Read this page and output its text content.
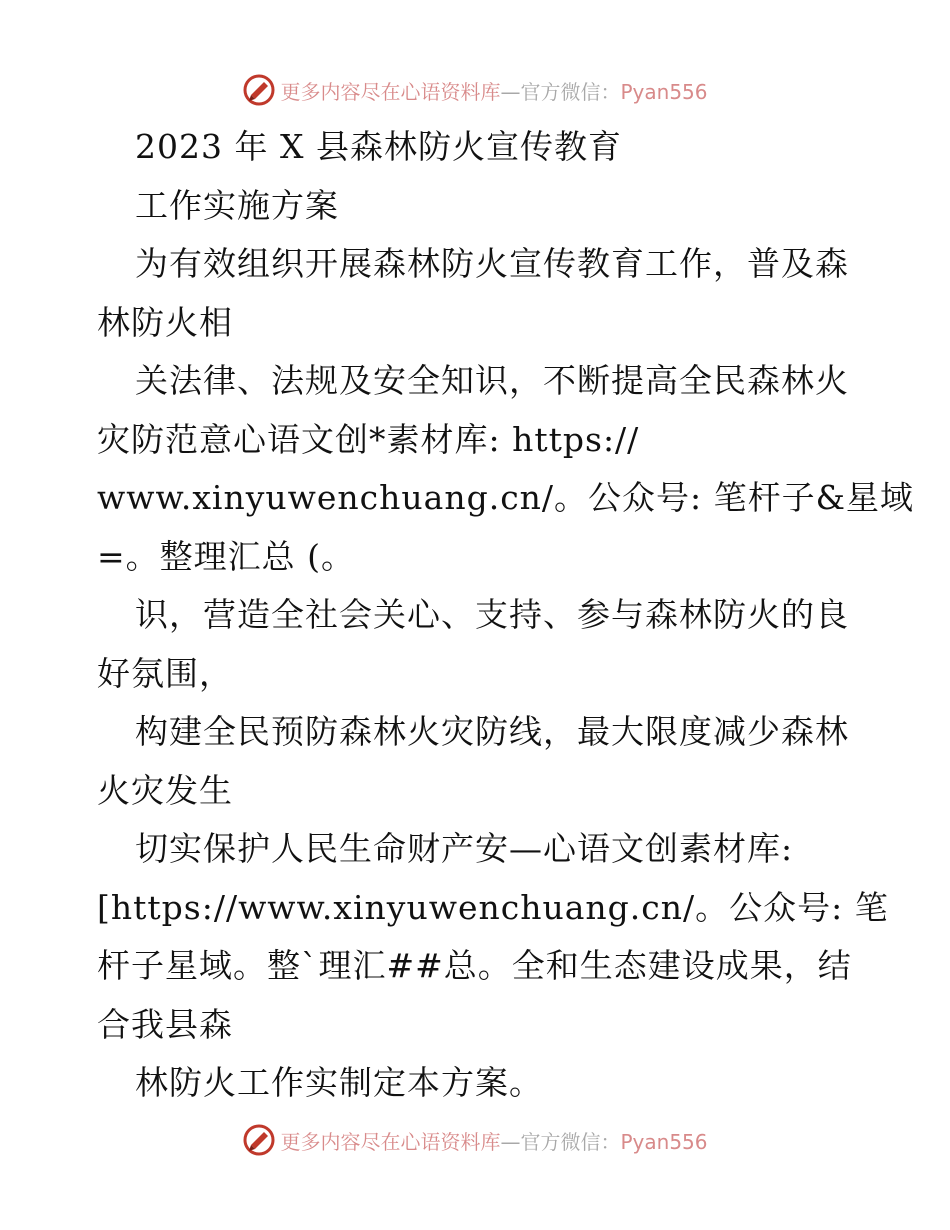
更多内容尽在心语资料库—官方微信：Pyan556
2023 年 X 县森林防火宣传教育
工作实施方案
为有效组织开展森林防火宣传教育工作，普及森
林防火相
关法律、法规及安全知识，不断提高全民森林火
灾防范意心语文创*素材库: https://
www.xinyuwenchuang.cn/。公众号: 笔杆子&星域
=。整理汇总 (。
识，营造全社会关心、支持、参与森林防火的良
好氛围，
构建全民预防森林火灾防线，最大限度减少森林
火灾发生
切实保护人民生命财产安—心语文创素材库:
[https://www.xinyuwenchuang.cn/。公众号: 笔
杆子星域。整`理汇##总。全和生态建设成果，结
合我县森
林防火工作实制定本方案。
更多内容尽在心语资料库—官方微信：Pyan556
